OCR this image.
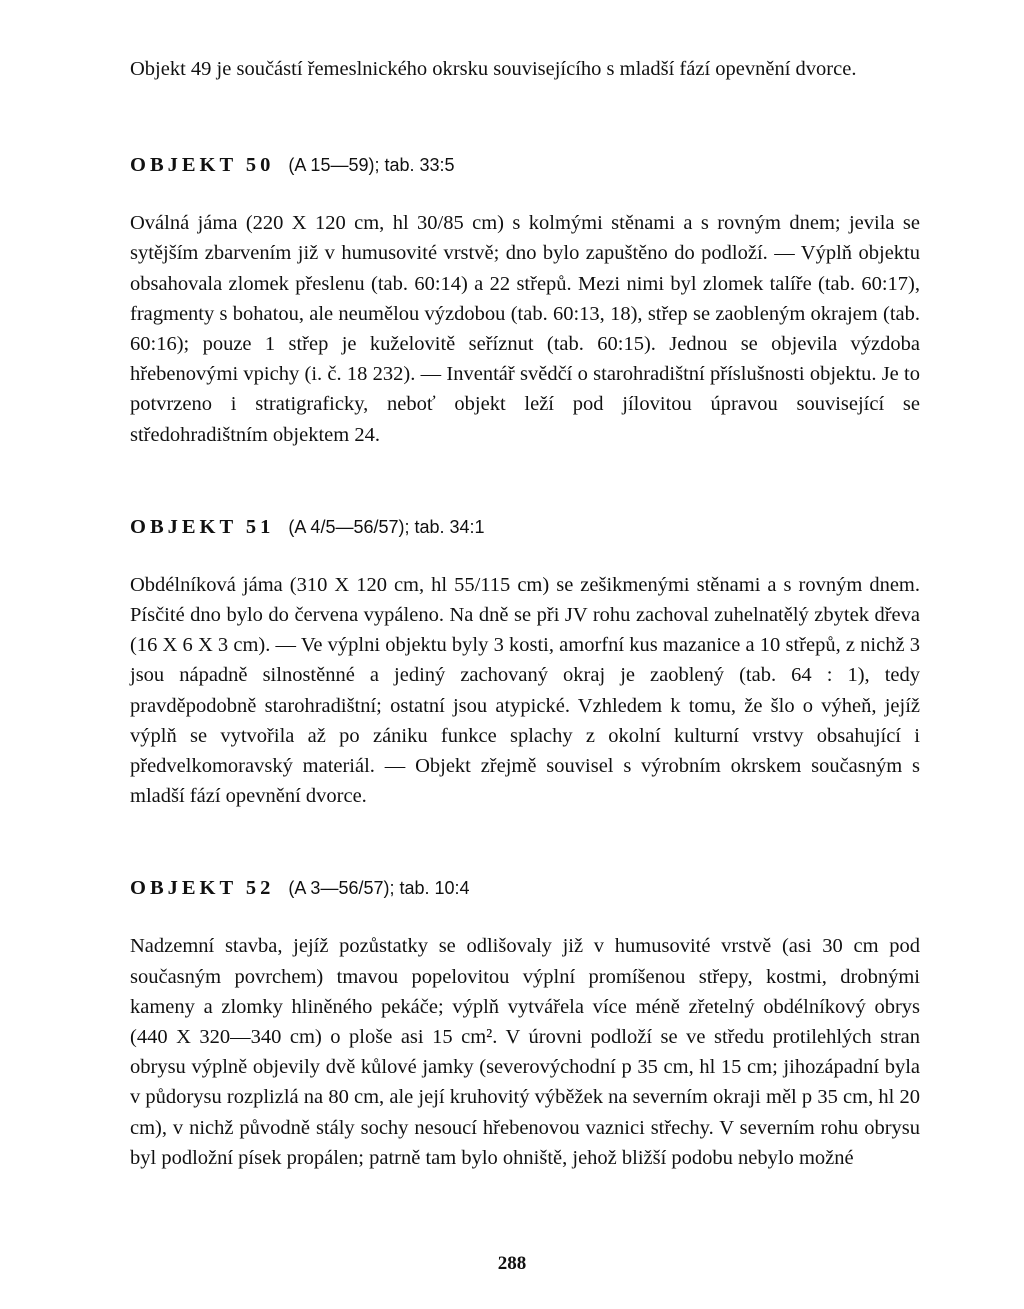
Objekt 49 je součástí řemeslnického okrsku souvisejícího s mladší fází opevnění dvorce.

OBJEKT 50 (A 15—59); tab. 33:5

Oválná jáma (220 X 120 cm, hl 30/85 cm) s kolmými stěnami a s rovným dnem; jevila se sytějším zbarvením již v humusovité vrstvě; dno bylo zapuštěno do podloží. — Výplň objektu obsahovala zlomek přeslenu (tab. 60:14) a 22 střepů. Mezi nimi byl zlomek talíře (tab. 60:17), fragmenty s bohatou, ale neumělou výzdobou (tab. 60:13, 18), střep se zaobleným okrajem (tab. 60:16); pouze 1 střep je kuželovitě seříznut (tab. 60:15). Jednou se objevila výzdoba hřebenovými vpichy (i. č. 18 232). — Inventář svědčí o starohradištní příslušnosti objektu. Je to potvrzeno i stratigraficky, neboť objekt leží pod jílovitou úpravou související se středohradištním objektem 24.

OBJEKT 51 (A 4/5—56/57); tab. 34:1

Obdélníková jáma (310 X 120 cm, hl 55/115 cm) se zešikmenými stěnami a s rovným dnem. Písčité dno bylo do červena vypáleno. Na dně se při JV rohu zachoval zuhelnatělý zbytek dřeva (16 X 6 X 3 cm). — Ve výplni objektu byly 3 kosti, amorfní kus mazanice a 10 střepů, z nichž 3 jsou nápadně silnostěnné a jediný zachovaný okraj je zaoblený (tab. 64 : 1), tedy pravděpodobně starohradištní; ostatní jsou atypické. Vzhledem k tomu, že šlo o výheň, jejíž výplň se vytvořila až po zániku funkce splachy z okolní kulturní vrstvy obsahující i předvelkomoravský materiál. — Objekt zřejmě souvisel s výrobním okrskem současným s mladší fází opevnění dvorce.

OBJEKT 52 (A 3—56/57); tab. 10:4

Nadzemní stavba, jejíž pozůstatky se odlišovaly již v humusovité vrstvě (asi 30 cm pod současným povrchem) tmavou popelovitou výplní promíšenou střepy, kostmi, drobnými kameny a zlomky hliněného pekáče; výplň vytvářela více méně zřetelný obdélníkový obrys (440 X 320—340 cm) o ploše asi 15 cm². V úrovni podloží se ve středu protilehlých stran obrysu výplně objevily dvě kůlové jamky (severovýchodní p 35 cm, hl 15 cm; jihozápadní byla v půdorysu rozplizlá na 80 cm, ale její kruhovitý výběžek na severním okraji měl p 35 cm, hl 20 cm), v nichž původně stály sochy nesoucí hřebenovou vaznici střechy. V severním rohu obrysu byl podložní písek propálen; patrně tam bylo ohniště, jehož bližší podobu nebylo možné

288
